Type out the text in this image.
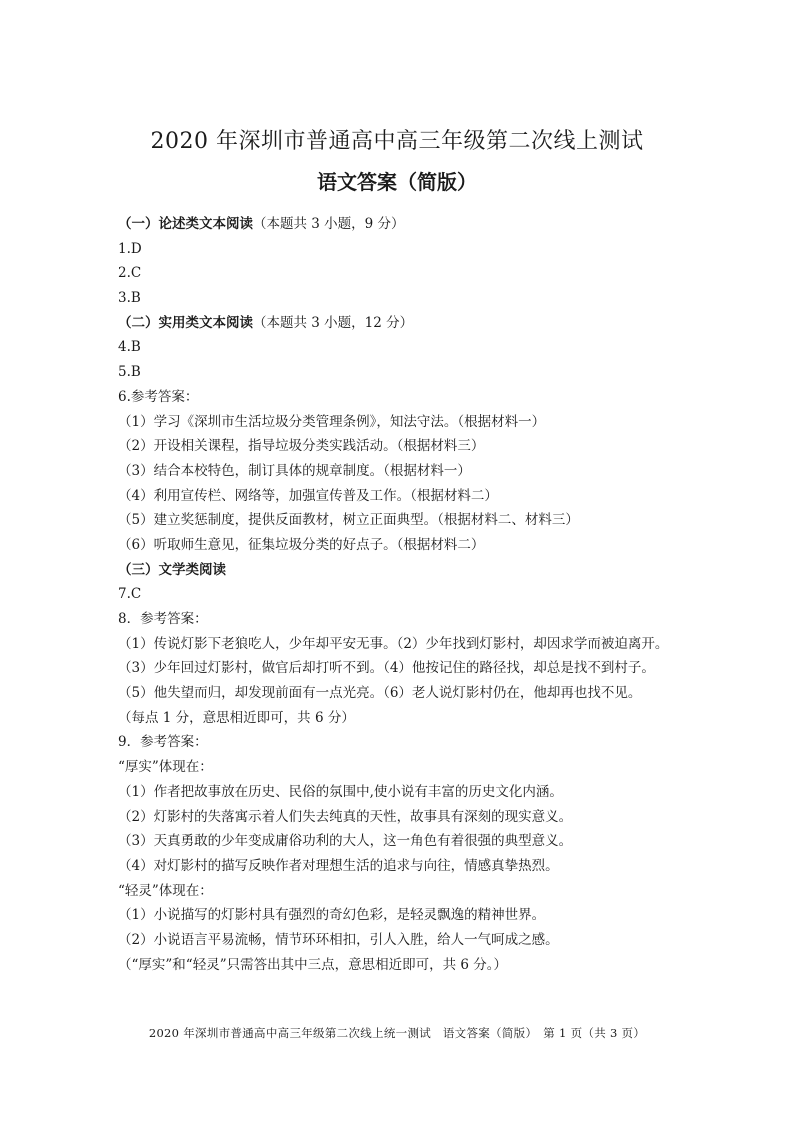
2020 年深圳市普通高中高三年级第二次线上测试
语文答案（简版）
（一）论述类文本阅读（本题共 3 小题，9 分）
1.D
2.C
3.B
（二）实用类文本阅读（本题共 3 小题，12 分）
4.B
5.B
6.参考答案：
（1）学习《深圳市生活垃圾分类管理条例》，知法守法。（根据材料一）
（2）开设相关课程，指导垃圾分类实践活动。（根据材料三）
（3）结合本校特色，制订具体的规章制度。（根据材料一）
（4）利用宣传栏、网络等，加强宣传普及工作。（根据材料二）
（5）建立奖惩制度，提供反面教材，树立正面典型。（根据材料二、材料三）
（6）听取师生意见，征集垃圾分类的好点子。（根据材料二）
（三）文学类阅读
7.C
8．参考答案：
（1）传说灯影下老狼吃人，少年却平安无事。（2）少年找到灯影村，却因求学而被迫离开。
（3）少年回过灯影村，做官后却打听不到。（4）他按记住的路径找，却总是找不到村子。
（5）他失望而归，却发现前面有一点光亮。（6）老人说灯影村仍在，他却再也找不见。
（每点 1 分，意思相近即可，共 6 分）
9．参考答案：
“厚实”体现在：
（1）作者把故事放在历史、民俗的氛围中,使小说有丰富的历史文化内涵。
（2）灯影村的失落寓示着人们失去纯真的天性，故事具有深刻的现实意义。
（3）天真勇敢的少年变成庸俗功利的大人，这一角色有着很强的典型意义。
（4）对灯影村的描写反映作者对理想生活的追求与向往，情感真挚热烈。
“轻灵”体现在：
（1）小说描写的灯影村具有强烈的奇幻色彩，是轻灵飘逸的精神世界。
（2）小说语言平易流畅，情节环环相扣，引人入胜，给人一气呵成之感。
（“厚实”和“轻灵”只需答出其中三点，意思相近即可，共 6 分。）
2020 年深圳市普通高中高三年级第二次线上统一测试　语文答案（简版）　第 1 页（共 3 页）
